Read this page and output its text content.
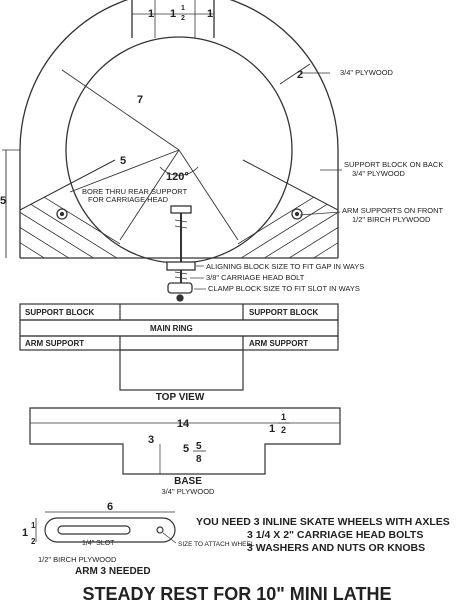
1 1 1
2 1
3/4" PLYWOOD
2
7
5
120°
5
SUPPORT BLOCK ON BACK
3/4" PLYWOOD
BORE THRU REAR SUPPORT
FOR CARRIAGE HEAD
ARM SUPPORTS ON FRONT
1/2" BIRCH PLYWOOD
ALIGNING BLOCK SIZE TO FIT GAP IN WAYS
3/8" CARRIAGE HEAD BOLT
CLAMP BLOCK SIZE TO FIT SLOT IN WAYS
SUPPORT BLOCK	SUPPORT BLOCK
MAIN RING
ARM SUPPORT	ARM SUPPORT
TOP VIEW
14
3
1
1
2
5 5
8
BASE
3/4" PLYWOOD
6
1/4" SLOT	SIZE TO ATTACH WHEEL
1
1
2
1/2" BIRCH PLYWOOD
ARM 3 NEEDED
YOU NEED 3 INLINE SKATE WHEELS WITH AXLES
3 1/4 X 2" CARRIAGE HEAD BOLTS
3 WASHERS AND NUTS OR KNOBS
STEADY REST FOR 10" MINI LATHE
